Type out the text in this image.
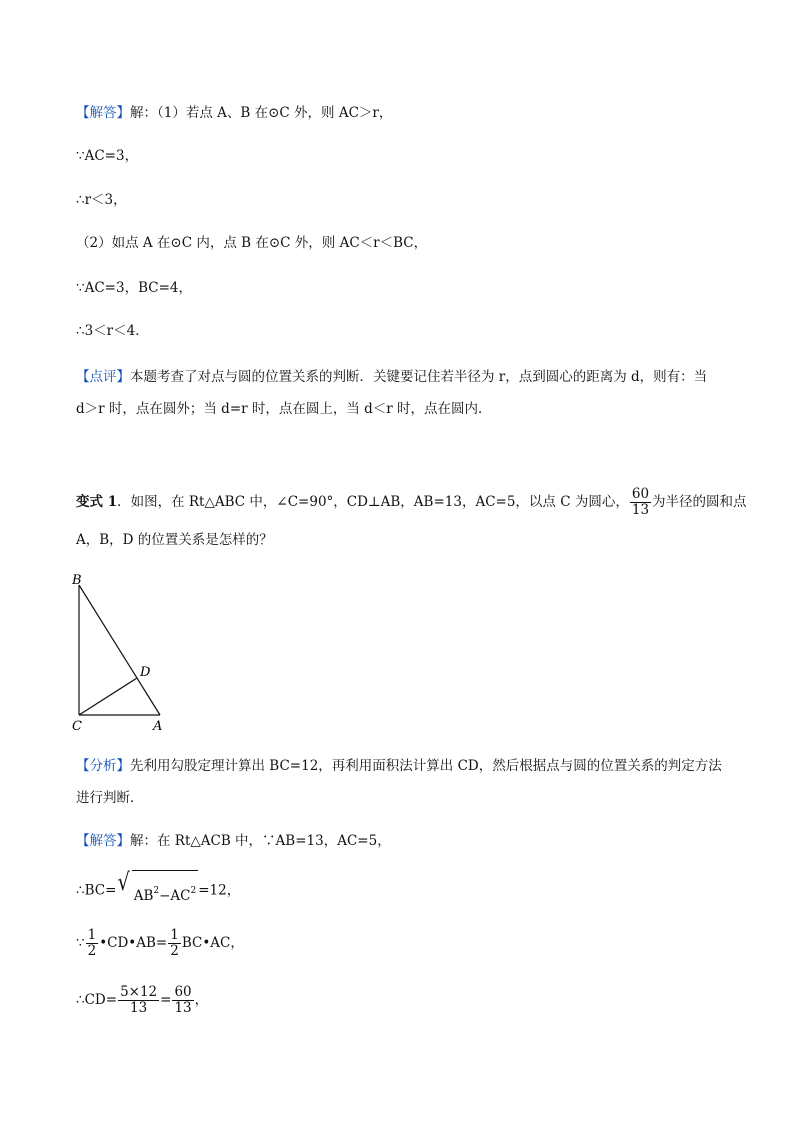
【解答】解：（1）若点 A、B 在⊙C 外，则 AC＞r，
∵AC=3，
∴r＜3，
（2）如点 A 在⊙C 内，点 B 在⊙C 外，则 AC＜r＜BC，
∵AC=3，BC=4，
∴3＜r＜4．
【点评】本题考查了对点与圆的位置关系的判断．关键要记住若半径为 r，点到圆心的距离为 d，则有：当
d＞r 时，点在圆外；当 d=r 时，点在圆上，当 d＜r 时，点在圆内．
变式 1．如图，在 Rt△ABC 中，∠C=90°，CD⊥AB，AB=13，AC=5，以点 C 为圆心， $\frac{60}{13}$ 为半径的圆和点
A，B，D 的位置关系是怎样的？
B
C	A
D
【分析】先利用勾股定理计算出 BC=12，再利用面积法计算出 CD，然后根据点与圆的位置关系的判定方法
进行判断．
【解答】解：在 Rt△ACB 中，∵AB=13，AC=5，
∴BC= √ $AB^2-AC^2 =12$，
∵ $\frac{1}{2}$ •CD•AB= $\frac{1}{2}$ BC•AC，
∴CD= $\frac{5\times 12}{13} = \frac{60}{13}$ ，
